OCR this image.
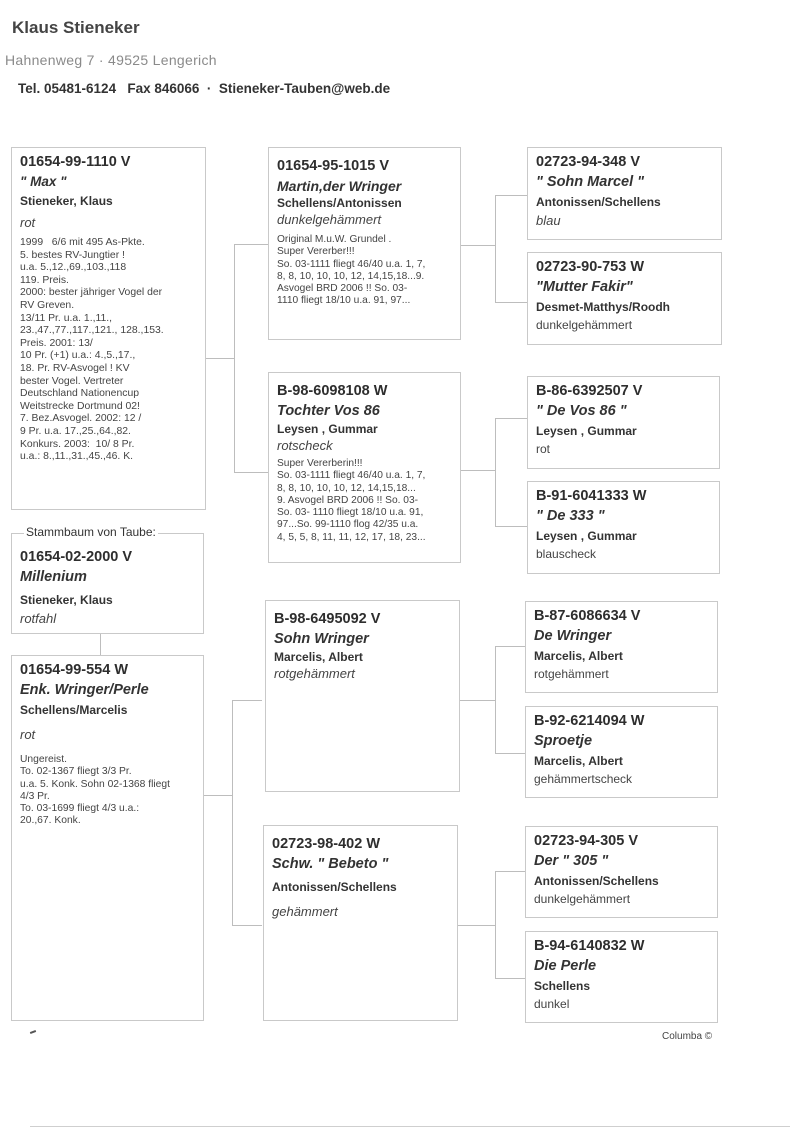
Klaus Stieneker
Hahnenweg 7 · 49525 Lengerich
Tel. 05481-6124   Fax 846066  ·  Stieneker-Tauben@web.de
01654-99-1110 V
" Max "
Stieneker, Klaus
rot
1999   6/6 mit 495 As-Pkte.
5. bestes RV-Jungtier !
u.a. 5.,12.,69.,103.,118
119. Preis.
2000: bester jähriger Vogel der
RV Greven.
13/11 Pr. u.a. 1.,11.,
23.,47.,77.,117.,121., 128.,153.
Preis. 2001: 13/
10 Pr. (+1) u.a.: 4.,5.,17.,
18. Pr. RV-Asvogel ! KV
bester Vogel. Vertreter
Deutschland Nationencup
Weitstrecke Dortmund 02!
7. Bez.Asvogel. 2002: 12 /
9 Pr. u.a. 17.,25.,64.,82.
Konkurs. 2003:  10/ 8 Pr.
u.a.: 8.,11.,31.,45.,46. K.
01654-02-2000 V
Millenium
Stieneker, Klaus
rotfahl
Stammbaum von Taube:
01654-99-554 W
Enk. Wringer/Perle
Schellens/Marcelis
rot
Ungereist.
To. 02-1367 fliegt 3/3 Pr.
u.a. 5. Konk. Sohn 02-1368 fliegt
4/3 Pr.
To. 03-1699 fliegt 4/3 u.a.:
20.,67. Konk.
01654-95-1015 V
Martin,der Wringer
Schellens/Antonissen
dunkelgehämmert
Original M.u.W. Grundel .
Super Vererber!!!
So. 03-1111 fliegt 46/40 u.a. 1, 7,
8, 8, 10, 10, 10, 12, 14,15,18...9.
Asvogel BRD 2006 !! So. 03-
1110 fliegt 18/10 u.a. 91, 97...
B-98-6098108 W
Tochter Vos 86
Leysen , Gummar
rotscheck
Super Vererberin!!!
So. 03-1111 fliegt 46/40 u.a. 1, 7,
8, 8, 10, 10, 10, 12, 14,15,18...
9. Asvogel BRD 2006 !! So. 03-
So. 03- 1110 fliegt 18/10 u.a. 91,
97...So. 99-1110 flog 42/35 u.a.
4, 5, 5, 8, 11, 11, 12, 17, 18, 23...
B-98-6495092 V
Sohn Wringer
Marcelis, Albert
rotgehämmert
02723-98-402 W
Schw. " Bebeto "
Antonissen/Schellens
gehämmert
02723-94-348 V
" Sohn Marcel "
Antonissen/Schellens
blau
02723-90-753 W
"Mutter Fakir"
Desmet-Matthys/Roodh
dunkelgehämmert
B-86-6392507 V
" De Vos 86 "
Leysen , Gummar
rot
B-91-6041333 W
" De 333 "
Leysen , Gummar
blauscheck
B-87-6086634 V
De Wringer
Marcelis, Albert
rotgehämmert
B-92-6214094 W
Sproetje
Marcelis, Albert
gehämmertscheck
02723-94-305 V
Der " 305 "
Antonissen/Schellens
dunkelgehämmert
B-94-6140832 W
Die Perle
Schellens
dunkel
Columba ©
